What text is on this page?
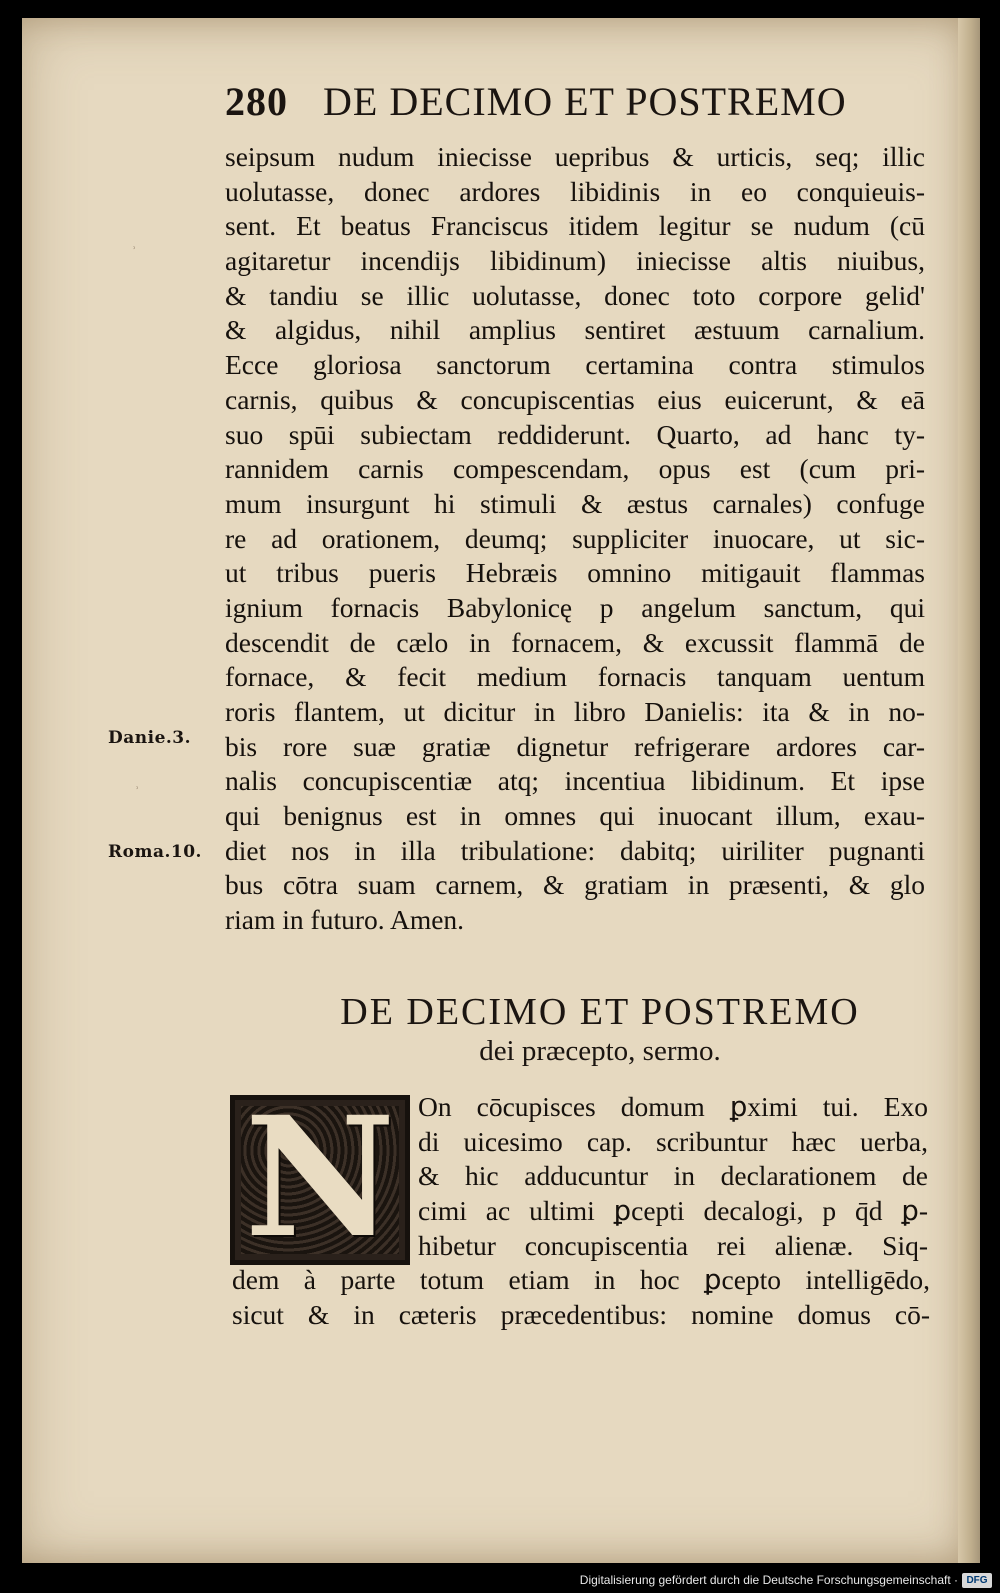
280 DE DECIMO ET POSTREMO
seipsum nudum iniecisse uepribus & urticis, seq; illic
uolutasse, donec ardores libidinis in eo conquieuis-
sent. Et beatus Franciscus itidem legitur se nudum (cū
agitaretur incendijs libidinum) iniecisse altis niuibus,
& tandiu se illic uolutasse, donec toto corpore gelid'
& algidus, nihil amplius sentiret æstuum carnalium.
Ecce gloriosa sanctorum certamina contra stimulos
carnis, quibus & concupiscentias eius euicerunt, & eā
suo spūi subiectam reddiderunt. Quarto, ad hanc ty-
rannidem carnis compescendam, opus est (cum pri-
mum insurgunt hi stimuli & æstus carnales) confuge
re ad orationem, deumq; suppliciter inuocare, ut sic-
ut tribus pueris Hebræis omnino mitigauit flammas
ignium fornacis Babylonicę p angelum sanctum, qui
descendit de cælo in fornacem, & excussit flammā de
fornace, & fecit medium fornacis tanquam uentum
roris flantem, ut dicitur in libro Danielis: ita & in no-
bis rore suæ gratiæ dignetur refrigerare ardores car-
nalis concupiscentiæ atq; incentiua libidinum. Et ipse
qui benignus est in omnes qui inuocant illum, exau-
diet nos in illa tribulatione: dabitq; uiriliter pugnanti
bus cōtra suam carnem, & gratiam in præsenti, & glo
riam in futuro. Amen.
Danie.3.
Roma.10.
⸒
⸒
DE DECIMO ET POSTREMO
dei præcepto, sermo.
N On cōcupisces domum ꝑximi tui. Exo
di uicesimo cap. scribuntur hæc uerba,
& hic adducuntur in declarationem de
cimi ac ultimi ꝑcepti decalogi, p q̄d ꝑ-
hibetur concupiscentia rei alienæ. Siq-
dem à parte totum etiam in hoc ꝑcepto intelligēdo,
sicut & in cæteris præcedentibus: nomine domus cō-
Digitalisierung gefördert durch die Deutsche Forschungsgemeinschaft · DFG
